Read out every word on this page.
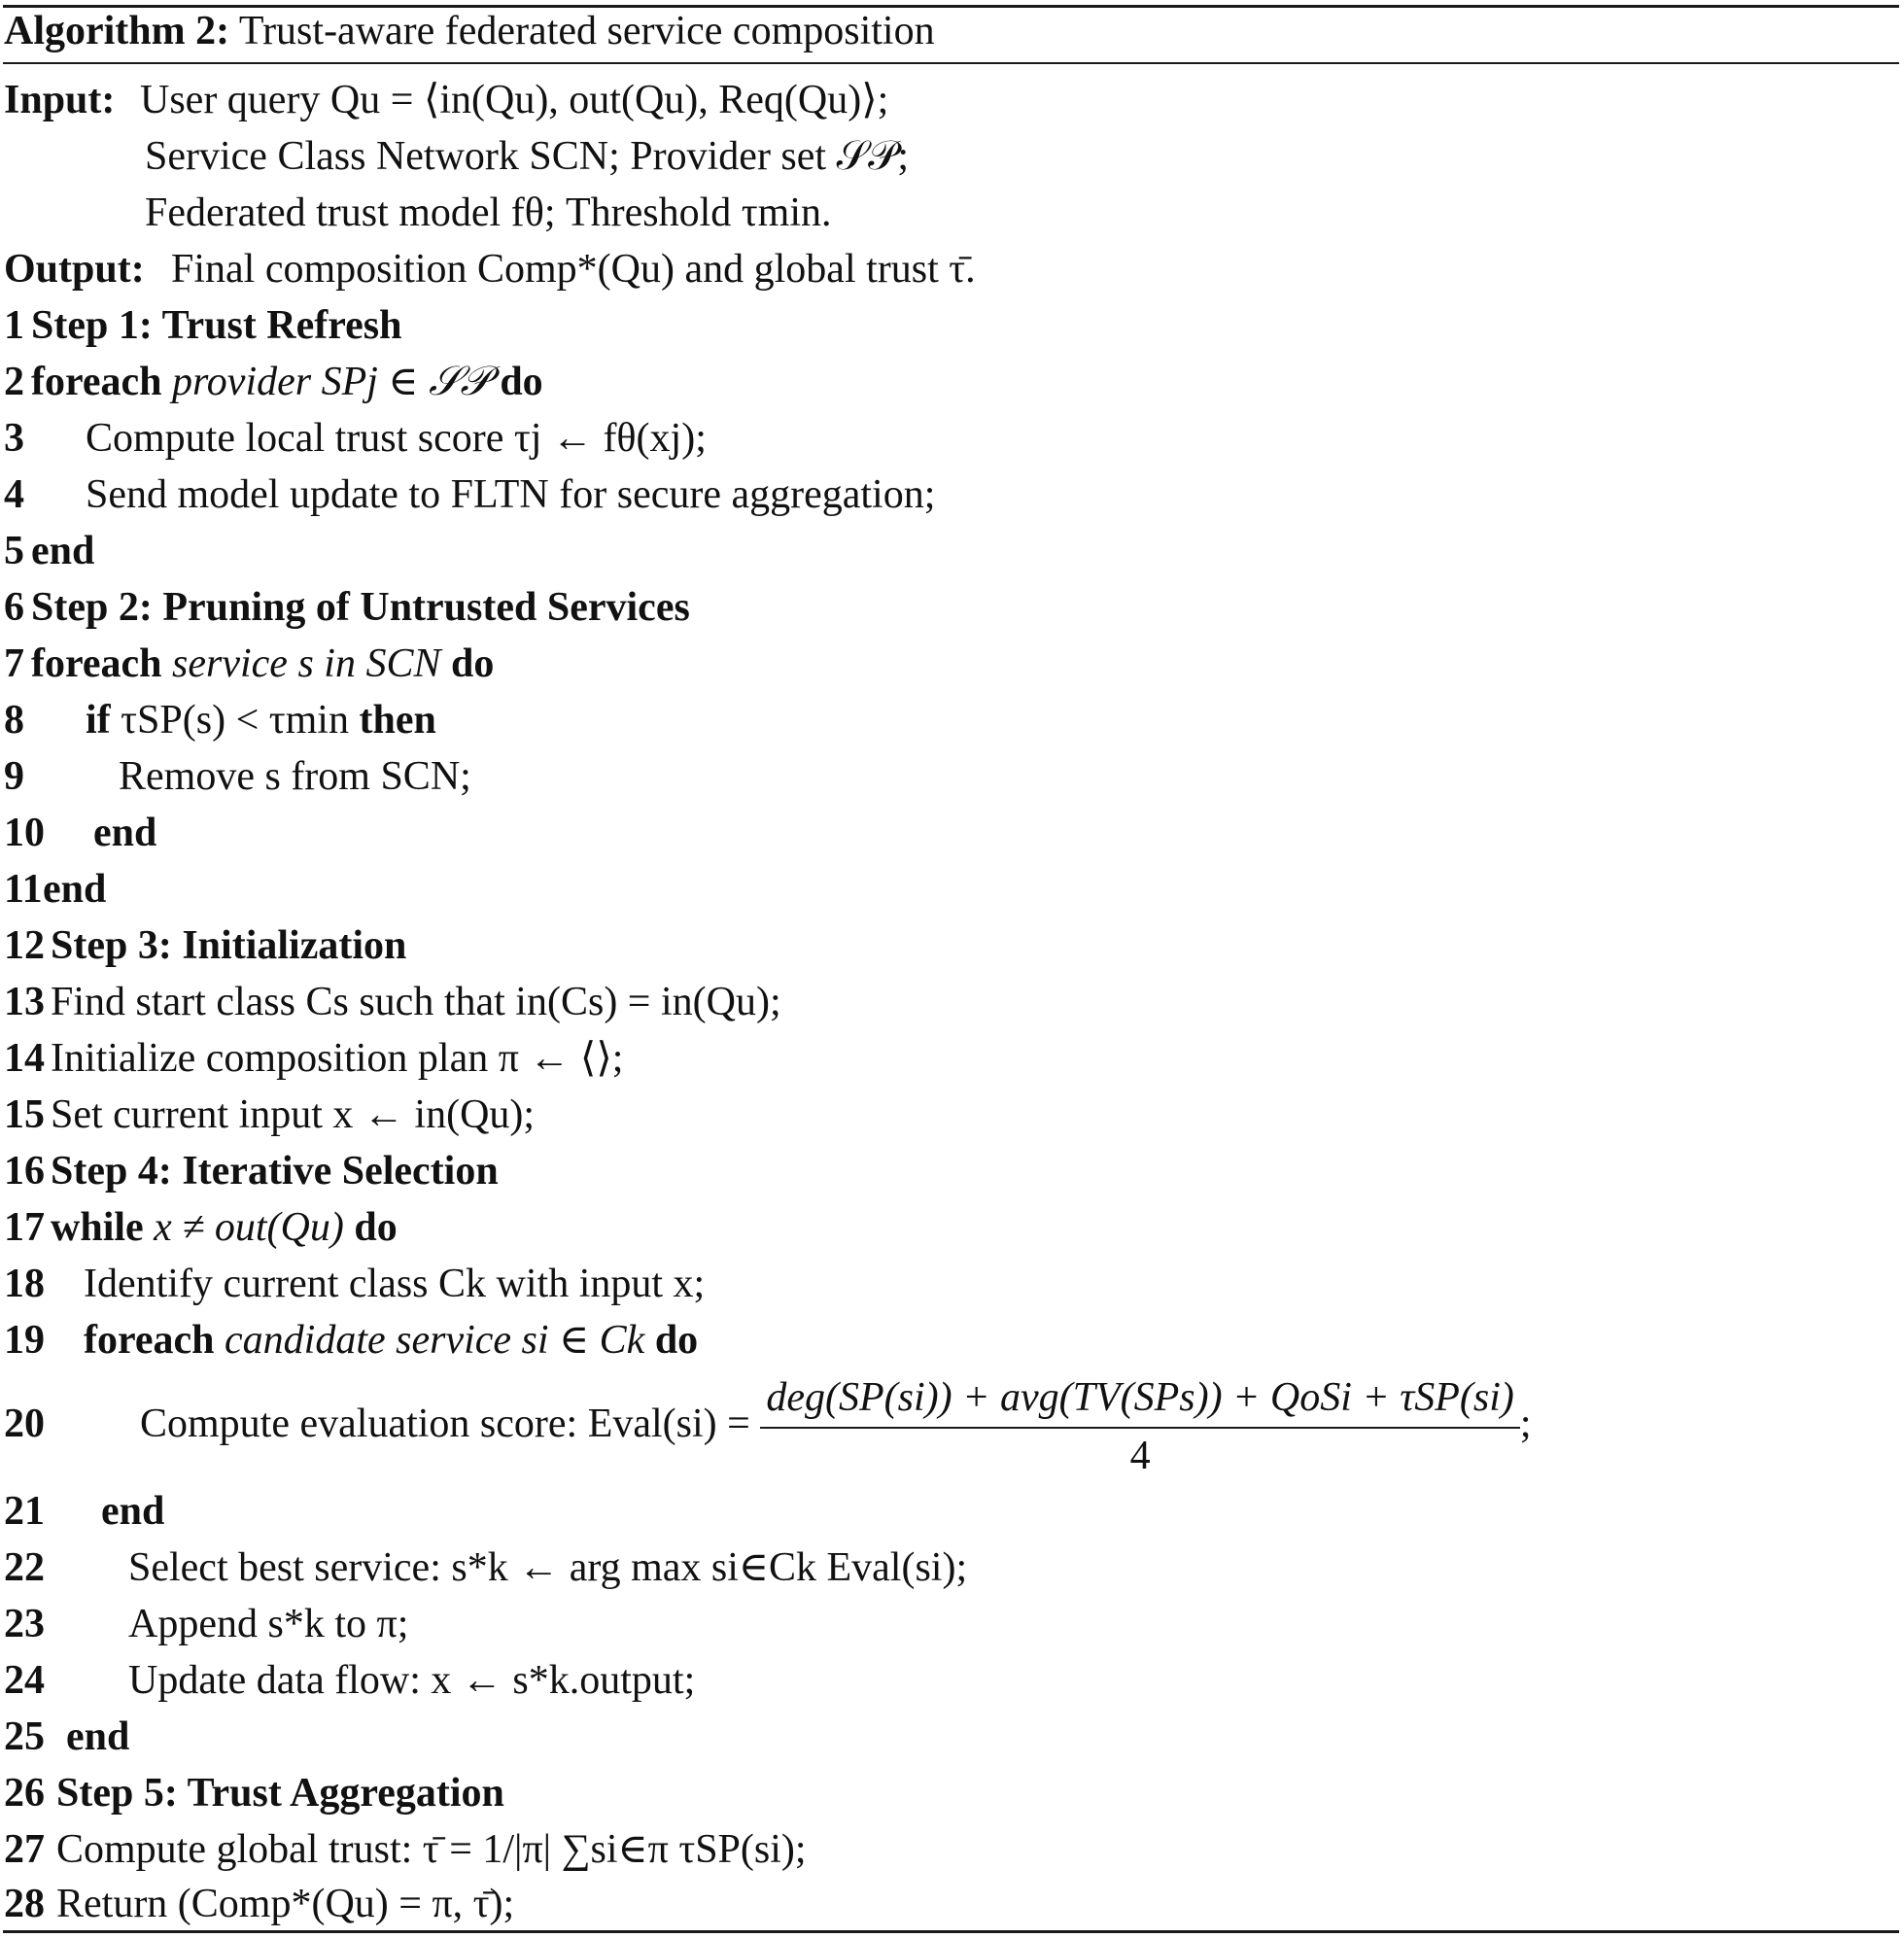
Algorithm 2: Trust-aware federated service composition
Input: User query Qu = ⟨in(Qu), out(Qu), Req(Qu)⟩;
Service Class Network SCN; Provider set 𝒮𝒫;
Federated trust model fθ; Threshold τmin.
Output: Final composition Comp*(Qu) and global trust τ̄.
1 Step 1: Trust Refresh
2 foreach provider SPj ∈ 𝒮𝒫 do
3 Compute local trust score τj ← fθ(xj);
4 Send model update to FLTN for secure aggregation;
5 end
6 Step 2: Pruning of Untrusted Services
7 foreach service s in SCN do
8 if τSP(s) < τmin then
9 Remove s from SCN;
10 end
11 end
12 Step 3: Initialization
13 Find start class Cs such that in(Cs) = in(Qu);
14 Initialize composition plan π ← ⟨⟩;
15 Set current input x ← in(Qu);
16 Step 4: Iterative Selection
17 while x ≠ out(Qu) do
18 Identify current class Ck with input x;
19 foreach candidate service si ∈ Ck do
20 Compute evaluation score: Eval(si) = $\frac{\text{deg(SP(si)) + avg(TV(SPs)) + QoSi + τSP(si)}}{4}$ ;
21 end
22 Select best service: s*k ← arg max si∈Ck Eval(si);
23 Append s*k to π;
24 Update data flow: x ← s*k.output;
25 end
26 Step 5: Trust Aggregation
27 Compute global trust: τ̄ = 1/|π| ∑si∈π τSP(si);
28 Return (Comp*(Qu) = π, τ̄);
